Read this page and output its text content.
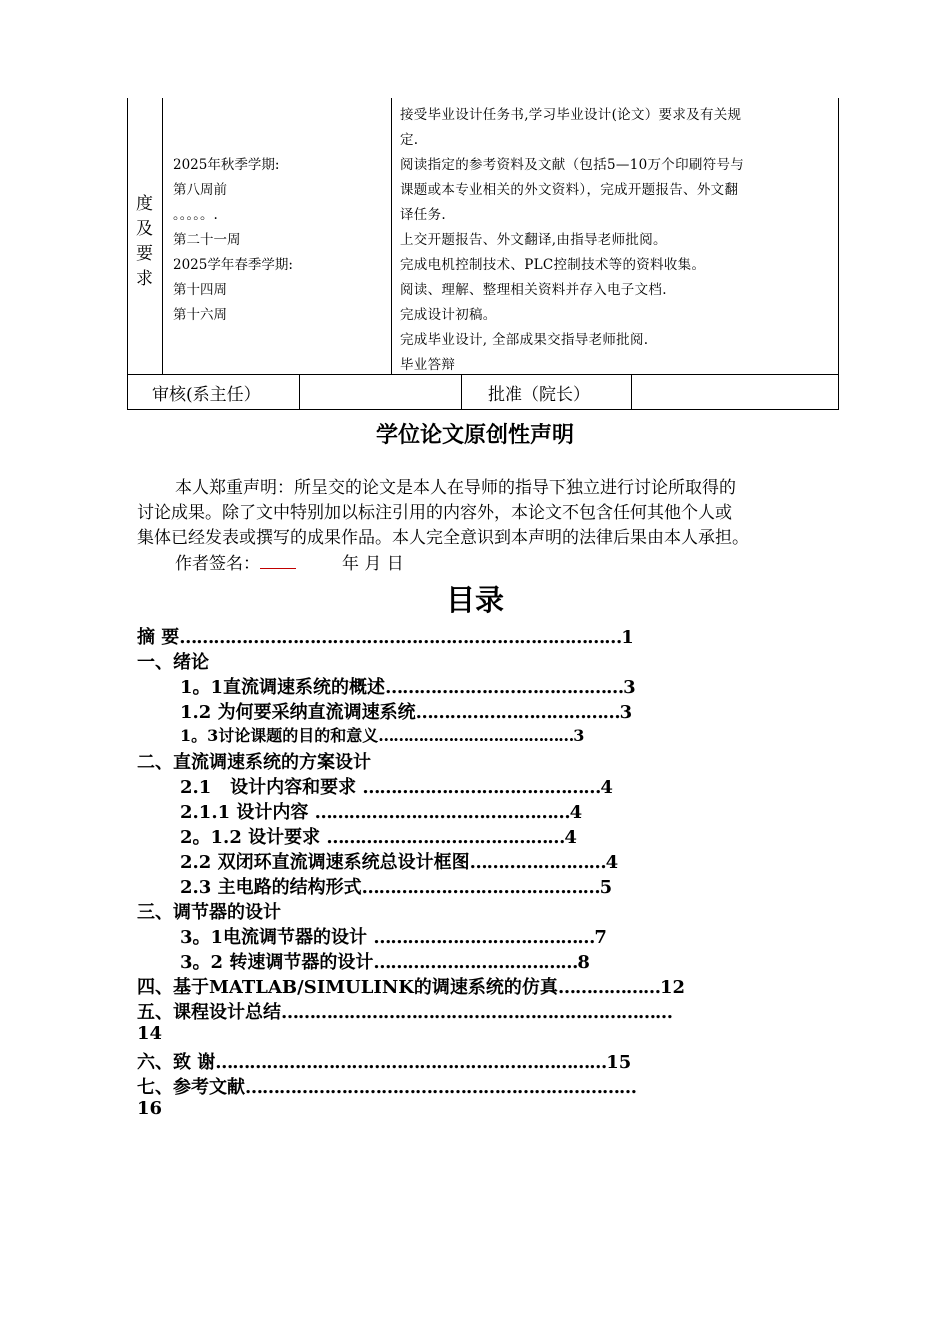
度
及
要
求
2025年秋季学期:
第八周前
。。。。。.
第二十一周
2025学年春季学期:
第十四周
第十六周
接受毕业设计任务书,学习毕业设计(论文）要求及有关规
定.
阅读指定的参考资料及文献（包括5—10万个印刷符号与
课题或本专业相关的外文资料），完成开题报告、外文翻
译任务.
上交开题报告、外文翻译,由指导老师批阅。
完成电机控制技术、PLC控制技术等的资料收集。
阅读、理解、整理相关资料并存入电子文档.
完成设计初稿。
完成毕业设计, 全部成果交指导老师批阅.
毕业答辩
审核(系主任）	批准（院长）
学位论文原创性声明

本人郑重声明：所呈交的论文是本人在导师的指导下独立进行讨论所取得的

讨论成果。除了文中特别加以标注引用的内容外，本论文不包含任何其他个人或

集体已经发表或撰写的成果作品。本人完全意识到本声明的法律后果由本人承担。

作者签名：	年 月 日

目录
摘 要……………………………………………………………………1
一、绪论
1。1直流调速系统的概述……………………………………3
1.2 为何要采纳直流调速系统………………………………3
1。3讨论课题的目的和意义…………………………………3
二、直流调速系统的方案设计
2.1   设计内容和要求 ……………………………………4
2.1.1 设计内容 ………………………………………4
2。1.2 设计要求 ……………………………………4
2.2 双闭环直流调速系统总设计框图……………………4
2.3 主电路的结构形式……………………………………5
三、调节器的设计
3。1电流调节器的设计 …………………………………7
3。2 转速调节器的设计………………………………8
四、基于MATLAB/SIMULINK的调速系统的仿真………………12
五、课程设计总结……………………………………………………………
14
六、致 谢……………………………………………………………15
七、参考文献……………………………………………………………
16
